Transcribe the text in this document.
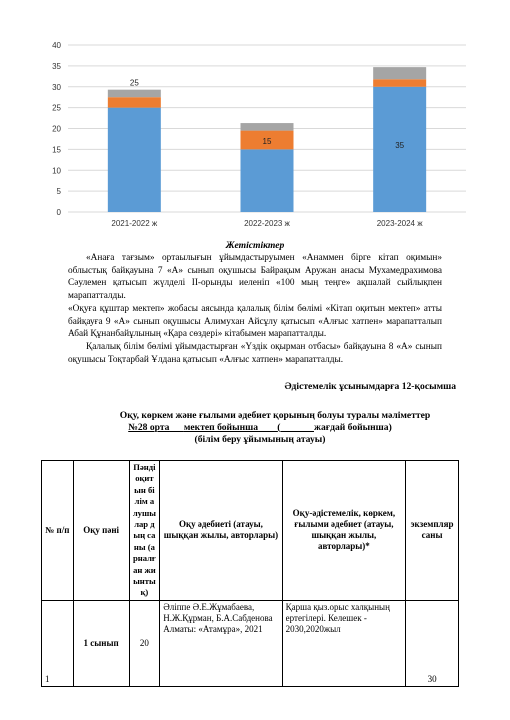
0
5
10
15
20
25
30
35
40
2021-2022 ж	2022-2023 ж	2023-2024 ж
25
15	35
Жетістіктер
«Анаға тағзым» ортаылығын ұйымдастыруымен «Анаммен бірге кітап оқимын» облыстық байқауына 7 «А» сынып оқушысы Байрақым Аружан анасы Мухамедрахимова Сәулемен қатысып жүлделі ІІ-орынды иеленіп «100 мың теңге» ақшалай сыйлықпен марапатталды.
«Оқуға құштар мектеп» жобасы аясында қалалық білім бөлімі «Кітап оқитын мектеп» атты байқауға 9 «А» сынып оқушысы Алимухан Айсұлу қатысып «Алғыс хатпен» марапатталып Абай Құнанбайұлының «Қара сөздері» кітабымен марапатталды.
Қалалық білім бөлімі ұйымдастырған «Үздік оқырман отбасы» байқауына 8 «А» сынып оқушысы Тоқтарбай Ұлдана қатысып «Алғыс хатпен» марапатталды.
Әдістемелік ұсынымдарға 12-қосымша
Оқу, көркем және ғылыми әдебиет қорының болуы туралы мәліметтер
№28 орта мектеп бойынша (	жағдай бойынша)
(білім беру ұйымының атауы)
№ п/п	Оқу пәні	Пәнді оқитын білім алушылар дың саны (арналған жиынтық)	Оқу әдебиеті (атауы, шыққан жылы, авторлары)	Оқу-әдістемелік, көркем, ғылыми әдебиет (атауы, шыққан жылы, авторлары)*	экземпляр саны
1	1 сынып	20	Әліппе Ә.Е.Жұмабаева, Н.Ж.Құрман, Б.А.Сабденова Алматы: «Атамұра», 2021	Қарша қыз.орыс халқының ертегілері. Келешек - 2030,2020жыл	30
